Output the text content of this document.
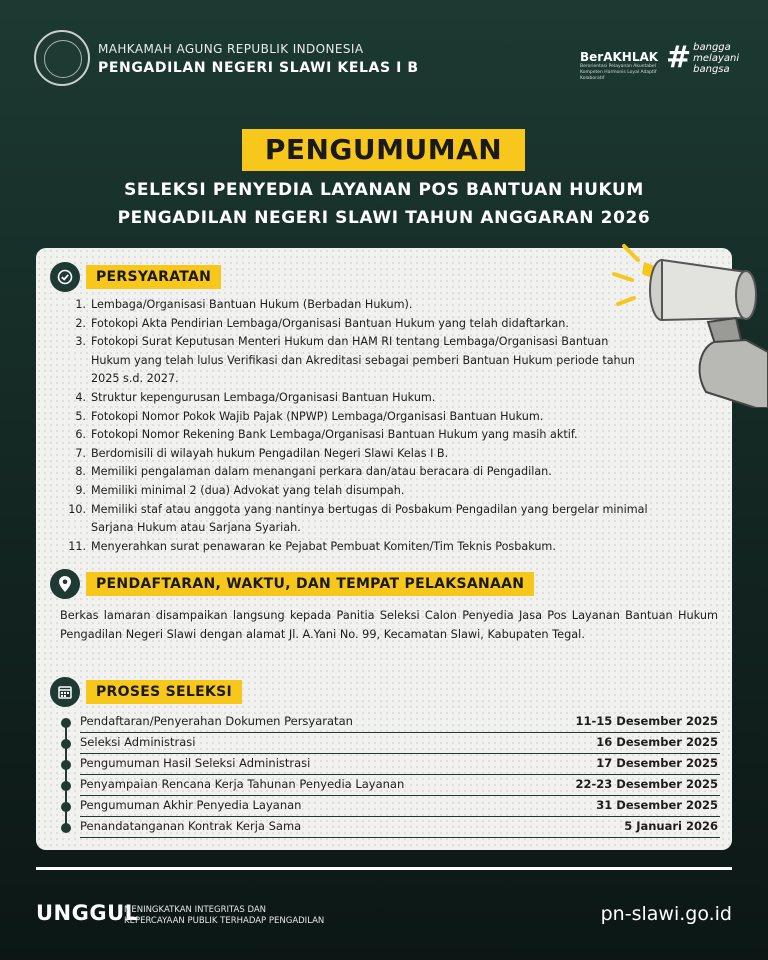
MAHKAMAH AGUNG REPUBLIK INDONESIA
PENGADILAN NEGERI SLAWI KELAS I B
BerAKHLAK
Berorientasi Pelayanan Akuntabel Kompeten Harmonis Loyal Adaptif Kolaboratif
# bangga
melayani
bangsa
PENGUMUMAN
SELEKSI PENYEDIA LAYANAN POS BANTUAN HUKUM
PENGADILAN NEGERI SLAWI TAHUN ANGGARAN 2026
PERSYARATAN
1. Lembaga/Organisasi Bantuan Hukum (Berbadan Hukum).
2. Fotokopi Akta Pendirian Lembaga/Organisasi Bantuan Hukum yang telah didaftarkan.
3. Fotokopi Surat Keputusan Menteri Hukum dan HAM RI tentang Lembaga/Organisasi Bantuan
Hukum yang telah lulus Verifikasi dan Akreditasi sebagai pemberi Bantuan Hukum periode tahun
2025 s.d. 2027.
4. Struktur kepengurusan Lembaga/Organisasi Bantuan Hukum.
5. Fotokopi Nomor Pokok Wajib Pajak (NPWP) Lembaga/Organisasi Bantuan Hukum.
6. Fotokopi Nomor Rekening Bank Lembaga/Organisasi Bantuan Hukum yang masih aktif.
7. Berdomisili di wilayah hukum Pengadilan Negeri Slawi Kelas I B.
8. Memiliki pengalaman dalam menangani perkara dan/atau beracara di Pengadilan.
9. Memiliki minimal 2 (dua) Advokat yang telah disumpah.
10. Memiliki staf atau anggota yang nantinya bertugas di Posbakum Pengadilan yang bergelar minimal
Sarjana Hukum atau Sarjana Syariah.
11. Menyerahkan surat penawaran ke Pejabat Pembuat Komiten/Tim Teknis Posbakum.
PENDAFTARAN, WAKTU, DAN TEMPAT PELAKSANAAN
Berkas lamaran disampaikan langsung kepada Panitia Seleksi Calon Penyedia Jasa Pos Layanan Bantuan Hukum Pengadilan Negeri Slawi dengan alamat Jl. A.Yani No. 99, Kecamatan Slawi, Kabupaten Tegal.
PROSES SELEKSI
Pendaftaran/Penyerahan Dokumen Persyaratan	11-15 Desember 2025
Seleksi Administrasi	16 Desember 2025
Pengumuman Hasil Seleksi Administrasi	17 Desember 2025
Penyampaian Rencana Kerja Tahunan Penyedia Layanan	22-23 Desember 2025
Pengumuman Akhir Penyedia Layanan	31 Desember 2025
Penandatanganan Kontrak Kerja Sama	5 Januari 2026
UNGGUL
MENINGKATKAN INTEGRITAS DAN
KEPERCAYAAN PUBLIK TERHADAP PENGADILAN	pn-slawi.go.id
